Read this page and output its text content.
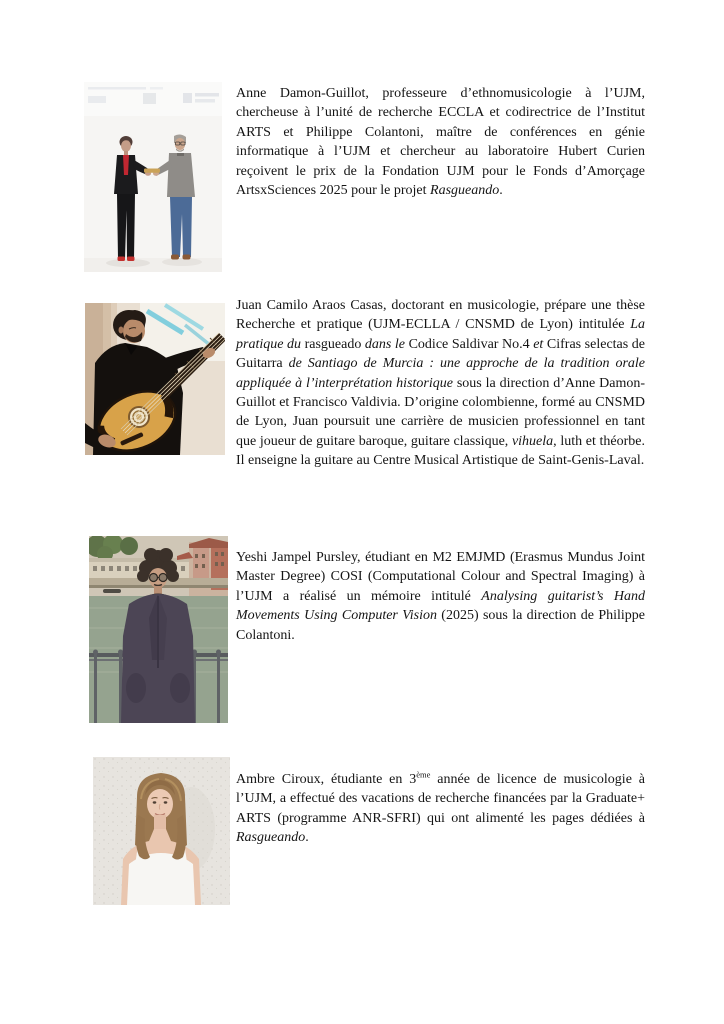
Anne Damon-Guillot, professeure d’ethnomusicologie à l’UJM, chercheuse à l’unité de recherche ECCLA et codirectrice de l’Institut ARTS et Philippe Colantoni, maître de conférences en génie informatique à l’UJM et chercheur au laboratoire Hubert Curien reçoivent le prix de la Fondation UJM pour le Fonds d’Amorçage ArtsxSciences 2025 pour le projet Rasgueando.

Juan Camilo Araos Casas, doctorant en musicologie, prépare une thèse Recherche et pratique (UJM-ECLLA / CNSMD de Lyon) intitulée La pratique du rasgueado dans le Codice Saldivar No.4 et Cifras selectas de Guitarra de Santiago de Murcia : une approche de la tradition orale appliquée à l’interprétation historique sous la direction d’Anne Damon-Guillot et Francisco Valdivia. D’origine colombienne, formé au CNSMD de Lyon, Juan poursuit une carrière de musicien professionnel en tant que joueur de guitare baroque, guitare classique, vihuela, luth et théorbe. Il enseigne la guitare au Centre Musical Artistique de Saint-Genis-Laval.

Yeshi Jampel Pursley, étudiant en M2 EMJMD (Erasmus Mundus Joint Master Degree) COSI (Computational Colour and Spectral Imaging) à l’UJM a réalisé un mémoire intitulé Analysing guitarist’s Hand Movements Using Computer Vision (2025) sous la direction de Philippe Colantoni.

Ambre Ciroux, étudiante en 3ème année de licence de musicologie à l’UJM, a effectué des vacations de recherche financées par la Graduate+ ARTS (programme ANR-SFRI) qui ont alimenté les pages dédiées à Rasgueando.
